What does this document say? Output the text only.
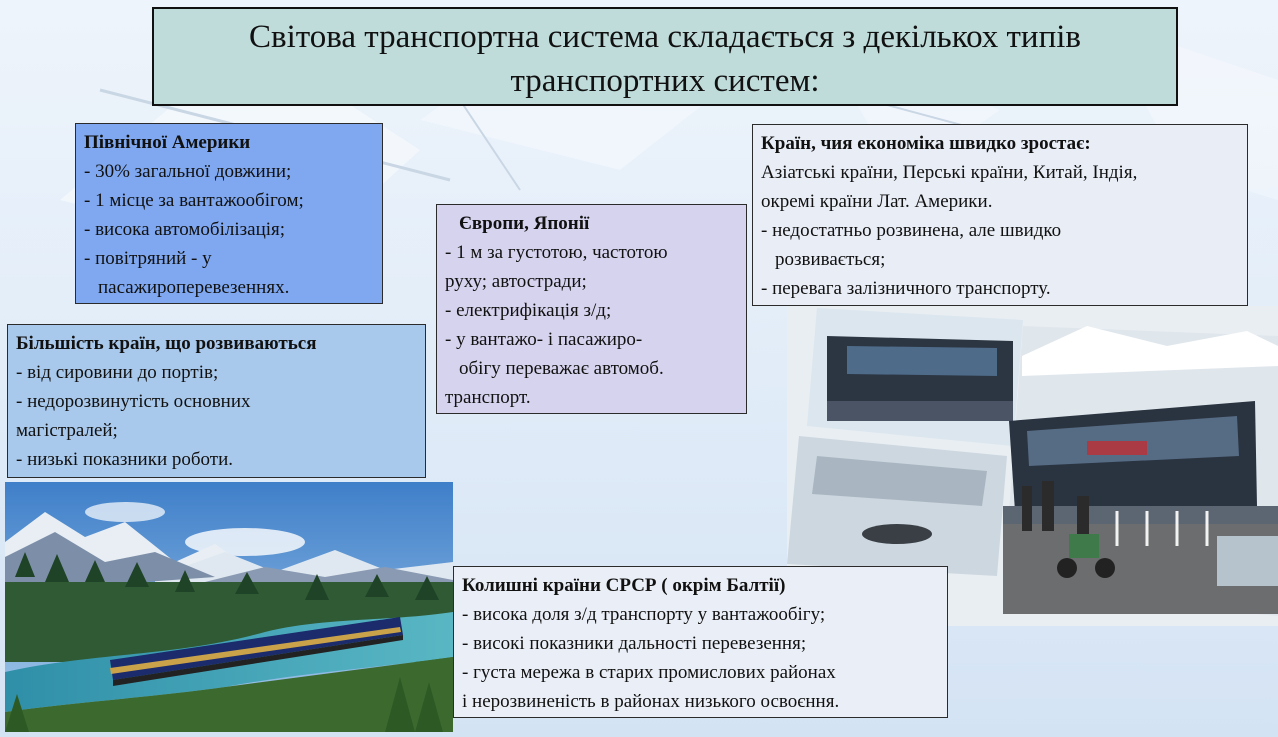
Світова транспортна система складається з декількох типів
транспортних систем:
Північної Америки
- 30% загальної довжини;
- 1 місце за вантажообігом;
- висока автомобілізація;
- повітряний - у
пасажироперевезеннях.
Європи, Японії
- 1 м за густотою, частотою
руху; автостради;
- електрифікація з/д;
- у вантажо- і пасажиро-
обігу переважає автомоб.
транспорт.
Країн, чия економіка швидко зростає:
Азіатські країни, Перські країни, Китай, Індія,
окремі країни Лат. Америки.
- недостатньо розвинена, але швидко
розвивається;
- перевага залізничного транспорту.
Більшість країн, що розвиваються
- від сировини до портів;
- недорозвинутість основних
магістралей;
- низькі показники роботи.
Колишні країни СРСР ( окрім Балтії)
- висока доля з/д транспорту у вантажообігу;
- високі показники дальності перевезення;
- густа мережа в старих промислових районах
і нерозвиненість в районах низького освоєння.
